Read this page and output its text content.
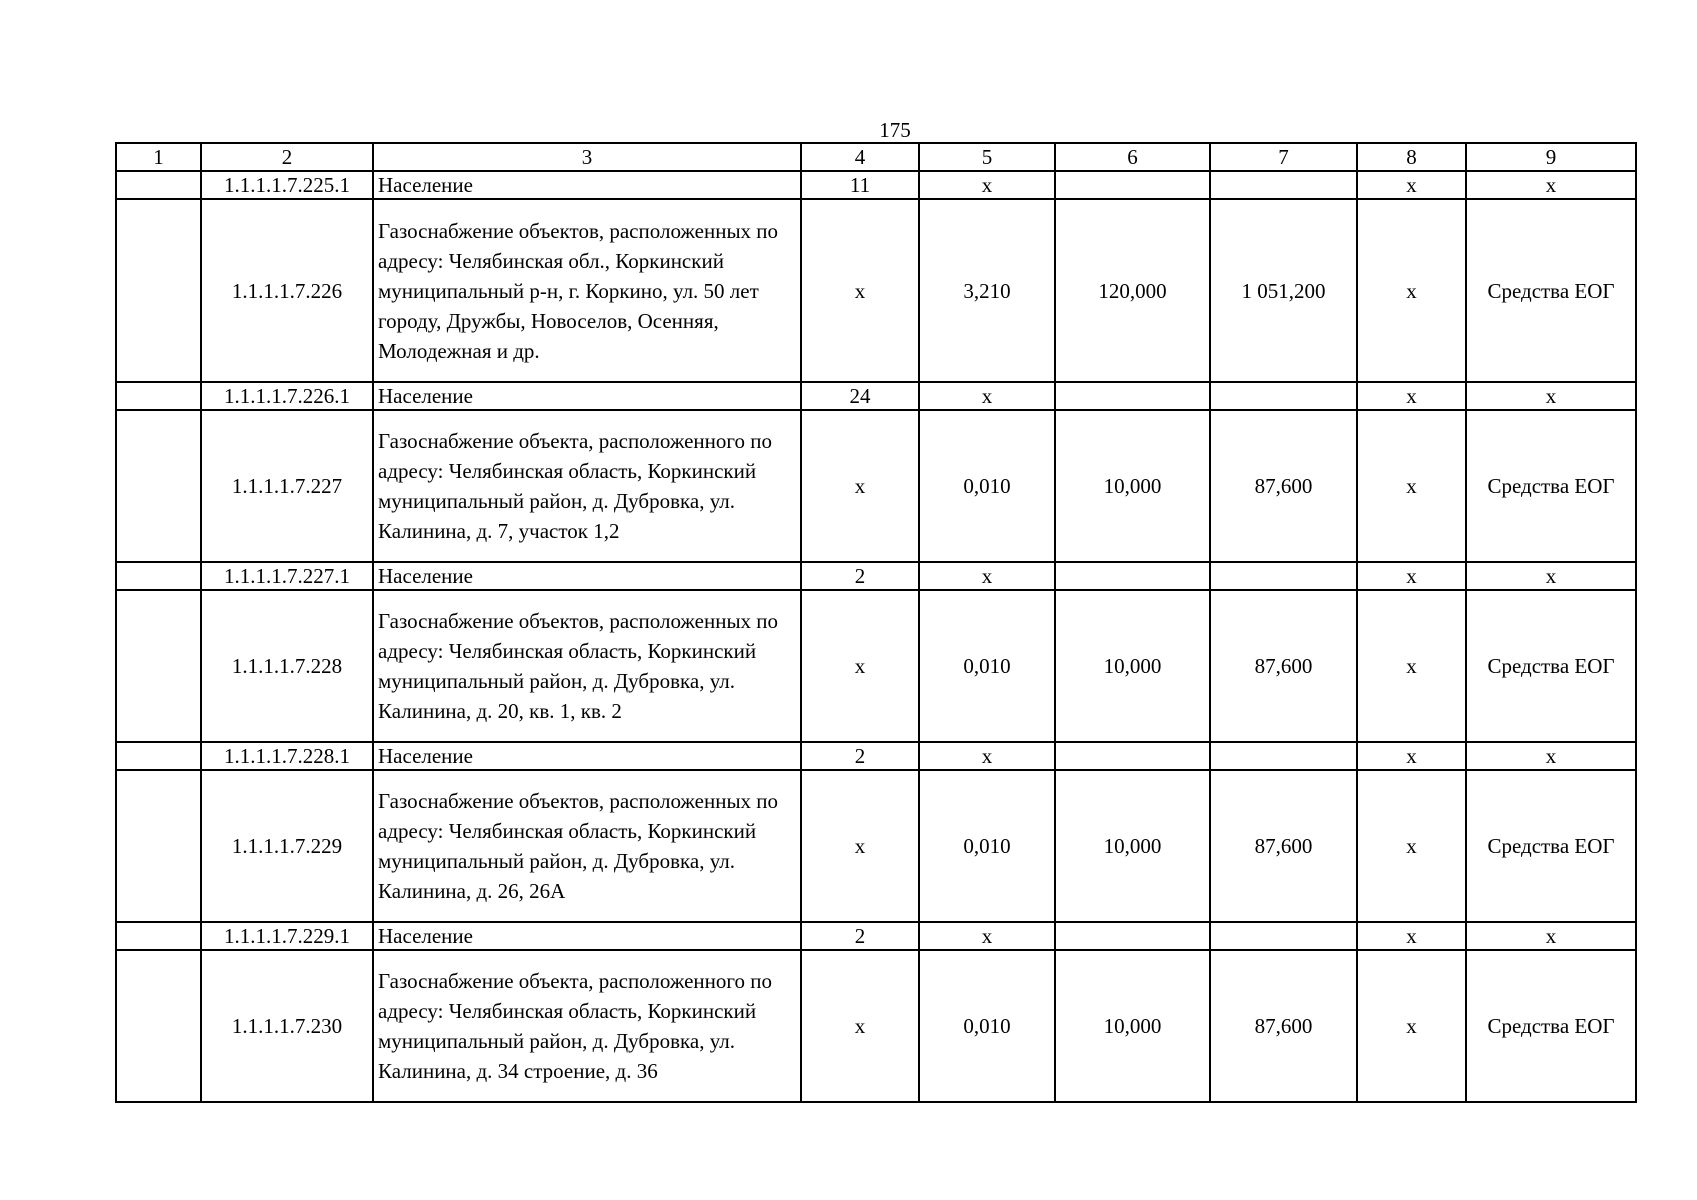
175
1	2	3	4	5	6	7	8	9
	1.1.1.1.7.225.1	Население	11	х			х	х
	1.1.1.1.7.226	Газоснабжение объектов, расположенных по адресу: Челябинская обл., Коркинский муниципальный р-н, г. Коркино, ул. 50 лет городу, Дружбы, Новоселов, Осенняя, Молодежная и др.	х	3,210	120,000	1 051,200	х	Средства ЕОГ
	1.1.1.1.7.226.1	Население	24	х			х	х
	1.1.1.1.7.227	Газоснабжение объекта, расположенного по адресу: Челябинская область, Коркинский муниципальный район, д. Дубровка, ул. Калинина, д. 7, участок 1,2	х	0,010	10,000	87,600	х	Средства ЕОГ
	1.1.1.1.7.227.1	Население	2	х			х	х
	1.1.1.1.7.228	Газоснабжение объектов, расположенных по адресу: Челябинская область, Коркинский муниципальный район, д. Дубровка, ул. Калинина, д. 20, кв. 1, кв. 2	х	0,010	10,000	87,600	х	Средства ЕОГ
	1.1.1.1.7.228.1	Население	2	х			х	х
	1.1.1.1.7.229	Газоснабжение объектов, расположенных по адресу: Челябинская область, Коркинский муниципальный район, д. Дубровка, ул. Калинина, д. 26, 26А	х	0,010	10,000	87,600	х	Средства ЕОГ
	1.1.1.1.7.229.1	Население	2	х			х	х
	1.1.1.1.7.230	Газоснабжение объекта, расположенного по адресу: Челябинская область, Коркинский муниципальный район, д. Дубровка, ул. Калинина, д. 34 строение, д. 36	х	0,010	10,000	87,600	х	Средства ЕОГ
